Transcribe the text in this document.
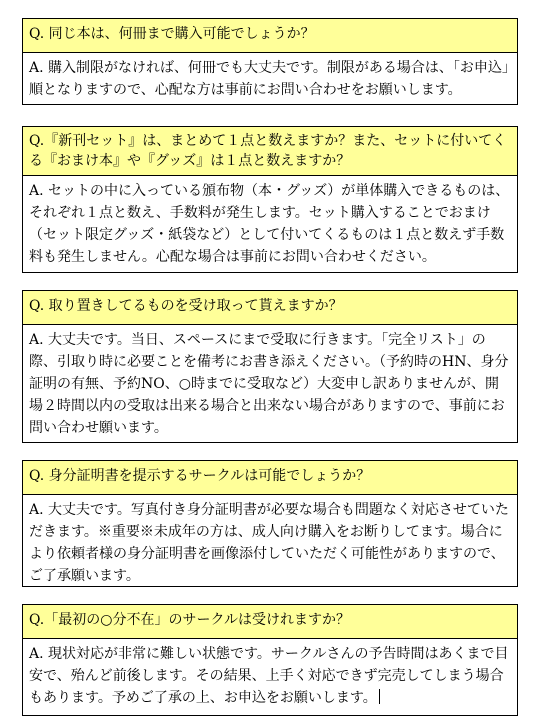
Q. 同じ本は、何冊まで購入可能でしょうか？
A. 購入制限がなければ、何冊でも大丈夫です。制限がある場合は、「お申込」順となりますので、心配な方は事前にお問い合わせをお願いします。
Q.『新刊セット』は、まとめて１点と数えますか？また、セットに付いてくる『おまけ本』や『グッズ』は１点と数えますか？
A. セットの中に入っている頒布物（本・グッズ）が単体購入できるものは、それぞれ１点と数え、手数料が発生します。セット購入することでおまけ（セット限定グッズ・紙袋など）として付いてくるものは１点と数えず手数料も発生しません。心配な場合は事前にお問い合わせください。
Q. 取り置きしてるものを受け取って貰えますか？
A. 大丈夫です。当日、スペースにまで受取に行きます。「完全リスト」の際、引取り時に必要ことを備考にお書き添えください。（予約時のHN、身分証明の有無、予約NO、○時までに受取など）大変申し訳ありませんが、開場２時間以内の受取は出来る場合と出来ない場合がありますので、事前にお問い合わせ願います。
Q. 身分証明書を提示するサークルは可能でしょうか？
A. 大丈夫です。写真付き身分証明書が必要な場合も問題なく対応させていただきます。※重要※未成年の方は、成人向け購入をお断りしてます。場合により依頼者様の身分証明書を画像添付していただく可能性がありますので、ご了承願います。
Q.「最初の○分不在」のサークルは受けれますか？
A. 現状対応が非常に難しい状態です。サークルさんの予告時間はあくまで目安で、殆んど前後します。その結果、上手く対応できず完売してしまう場合もあります。予めご了承の上、お申込をお願いします。
